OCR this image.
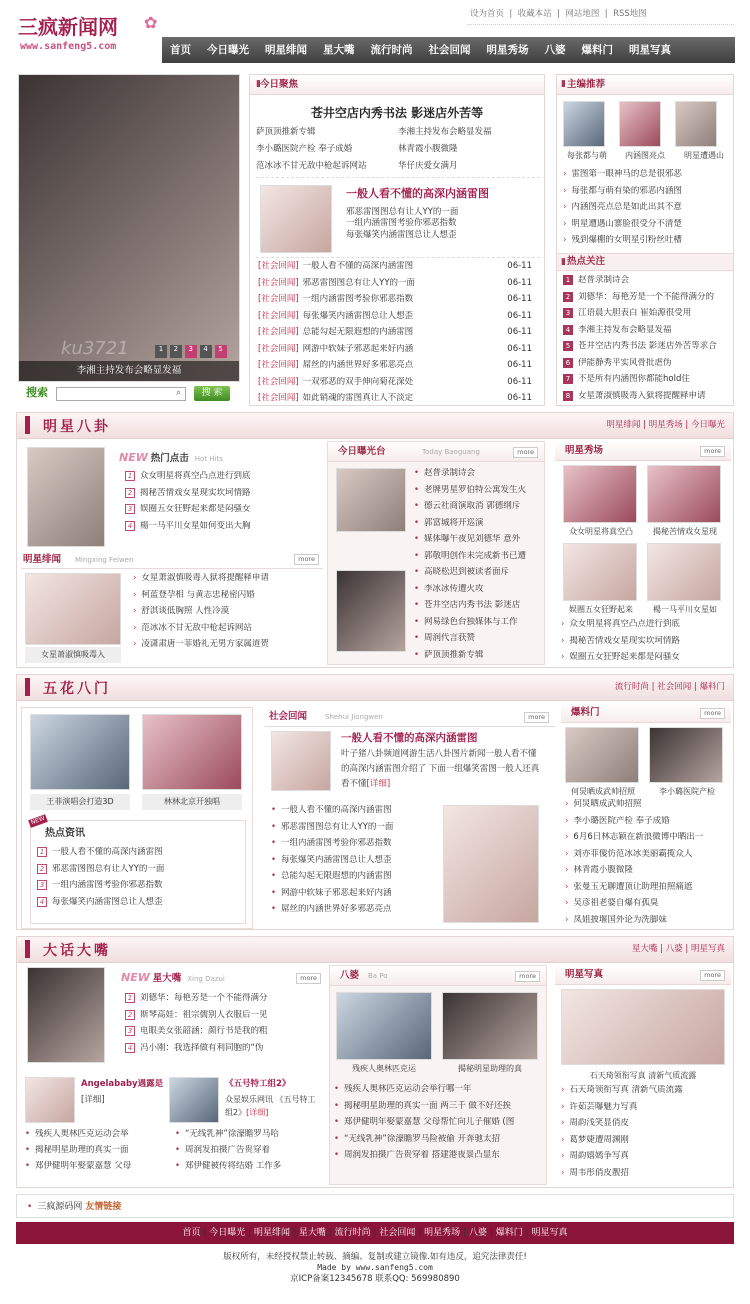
三疯新闻网 ✿
www.sanfeng5.com
设为首页  |  收藏本站  |  网站地图  |  RSS地图
首页 今日曝光 明星绯闻 星大嘴 流行时尚 社会回闻 明星秀场 八婆 爆料门 明星写真
ku3721	1 2 3 4 5
李湘主持发布会略显发福
搜索	⌕	搜 索
▮ 今日聚焦
苍井空店内秀书法 影迷店外苦等
萨顶顶推新专辑	李湘主持发布会略显发福
李小璐医院产检 奉子成婚	林青霞小腹微隆
范冰冰不甘无敌中枪起诉网站	华仔庆爱女满月
一般人看不懂的高深内涵雷图
邪恶雷图图总有让人YY的一面
一组内涵雷图考验你邪恶指数
每张爆笑内涵雷图总让人想歪
[社会回闻] 一般人看不懂的高深内涵雷图	06-11
[社会回闻] 邪恶雷图图总有让人YY的一面	06-11
[社会回闻] 一组内涵雷图考验你邪恶指数	06-11
[社会回闻] 每张爆笑内涵雷图总让人想歪	06-11
[社会回闻] 总能勾起无限遐想的内涵雷图	06-11
[社会回闻] 网游中软妹子邪恶起来好内涵	06-11
[社会回闻] 屌丝的内涵世界好多邪恶亮点	06-11
[社会回闻] 一双邪恶的双手伸向菊花深处	06-11
[社会回闻] 如此销魂的雷图真让人不淡定	06-11
▮ 主编推荐
每张都与萌	内涵图亮点	明星遭遇山
› 雷图第一眼神马的总是很邪恶
› 每张都与萌有染的邪恶内涵图
› 内涵图亮点总是如此出其不意
› 明星遭遇山寨脸很受分不清楚
› 残到爆棚的女明星引粉丝吐槽
▮ 热点关注
1 赵普录制诗会
2 刘德华：每艳芳是一个不能得满分的
3 江语晨大胆表白 崔始源很受用
4 李湘主持发布会略显发福
5 苍井空店内秀书法 影迷店外苦等求合
6 伊能静秀平实风骨批虐伪
7 不是所有内涵图你都能hold住
8 女星萧淑慎吸毒入狱将提醒释申请
明星八卦	明星绯闻 | 明星秀场 | 今日曝光
NEW 热门点击 Hot Hits
1 众女明星将真空凸点进行到底
2 揭秘苦情戏女星现实坎坷情路
3 娱圈五女狂野起来都是闷骚女
4 楊一马平川女星如何变出大胸
明星绯闻 Mingxing Feiwen	more
女星萧淑慎吸毒入
› 女星萧淑慎吸毒入狱将提醒释申请
› 柯蓝登孕相 与黄志忠秘密闪婚
› 舒淇谈低胸照 人性冷漠
› 范冰冰不甘无敌中枪起诉网站
› 凌潇肃唐一菲婚礼无男方家属道贺
今日曝光台	Today Baoguang	more
• 赵普录制诗会
• 老牌男星罗伯特公寓发生火
• 德云社商演取消 郭德纲斥
• 郭富城将开巡演
• 媒体曝午夜见刘德华 意外
• 郭敬明创作未完成新书已遭
• 高晓松迟到被读者面斥
• 李冰冰传遭火攻
• 苍井空店内秀书法 影迷店
• 网易绿色台独媒体与工作
• 周润代言获赞
• 萨顶顶推新专辑
明星秀场	more
众女明星将真空凸	揭秘苦情戏女星现
娱圈五女狂野起来	楊一马平川女星如
› 众女明星将真空凸点进行到底
› 揭秘苦情戏女星现实坎坷情路
› 娱圈五女狂野起来都是闷骚女
五花八门	流行时尚 | 社会回闻 | 爆料门
王菲演唱会打造3D	林林北京开独唱
NEW
热点资讯
1 一般人看不懂的高深内涵雷图
2 邪恶雷图图总有让人YY的一面
3 一组内涵雷图考验你邪恶指数
4 每张爆笑内涵雷图总让人想歪
社会回闻	Shehui Jiongwen	more
一般人看不懂的高深内涵雷图
叶子猪八卦频道网游生活八卦图片新闻一般人看不懂的高深内涵雷图介绍了 下面一组爆笑雷图一般人还真看不懂[详细]
• 一般人看不懂的高深内涵雷图
• 邪恶雷图图总有让人YY的一面
• 一组内涵雷图考验你邪恶指数
• 每张爆笑内涵雷图总让人想歪
• 总能勾起无限遐想的内涵雷图
• 网游中软妹子邪恶起来好内涵
• 屌丝的内涵世界好多邪恶亮点
爆料门	more
何炅晒成武帅招照	李小璐医院产检
› 何炅晒成武帅招照
› 李小璐医院产检 奉子成婚
› 6月6日林志颖在新浪微博中晒出一
› 刘亦菲傻仿范冰冰美丽霸揽众人
› 林青霞小腹微隆
› 张曼玉无聊遭顶让助理拍照痛遮
› 吴彦祖老婆自爆有孤臭
› 凤姐披堰国外论为洗脚妹
大话大嘴	星大嘴 | 八婆 | 明星写真
NEW 星大嘴 Xing Dazui	more
1 刘德华：每艳芳是一个不能得满分
2 斯琴高娃：祖宗儒别人衣服后一见
3 电眼美女张韶涵：颜行书是我的粗
4 冯小刚：我选择做有利同胞的“伪
Angelababy遇露是
[详细]
《五号特工组2》
众星娱乐网讯 《五号特工组2》[详细]
• 残疾人奥林匹克运动会举	• “无线乳神”徐濠瞻罗马哈
• 揭秘明星助理的真实一面	• 周润发拍摄广告贵穿着
• 郑伊健明年娶蒙嘉慧 父母	• 郑伊健被传将结婚 工作多
八婆 Ba Po	more
残疾人奥林匹克运	揭秘明星助理的真
• 残疾人奥林匹克运动会举行哪一年
• 揭秘明星助理的真实一面 两三千 做不好还挨
• 郑伊健明年娶蒙嘉慧 父母帮忙向儿子催婚 (图
• “无线乳神”徐濠瞻罗马险被偷 开奔驰太招
• 周润发拍摄广告贵穿着 搭建港夜景凸显东
明星写真	more
石天琦领衔写真 清新气质流露
› 石天琦领衔写真 清新气质流露
› 许茹芸曝魅力写真
› 周韵浅笑显俏皮
› 葛梦婕遭周渊刚
› 周韵嬉嫣争写真
› 周韦彤俏皮靓招
• 三疯源码网 友情链接
首页 | 今日曝光 | 明星绯闻 | 星大嘴 | 流行时尚 | 社会回闻 | 明星秀场 | 八婆 | 爆料门 | 明星写真
版权所有，未经授权禁止转载、摘编、复制或建立镜像.如有违反，追究法律责任!
Made by www.sanfeng5.com
京ICP备案12345678 联系QQ: 569980890
